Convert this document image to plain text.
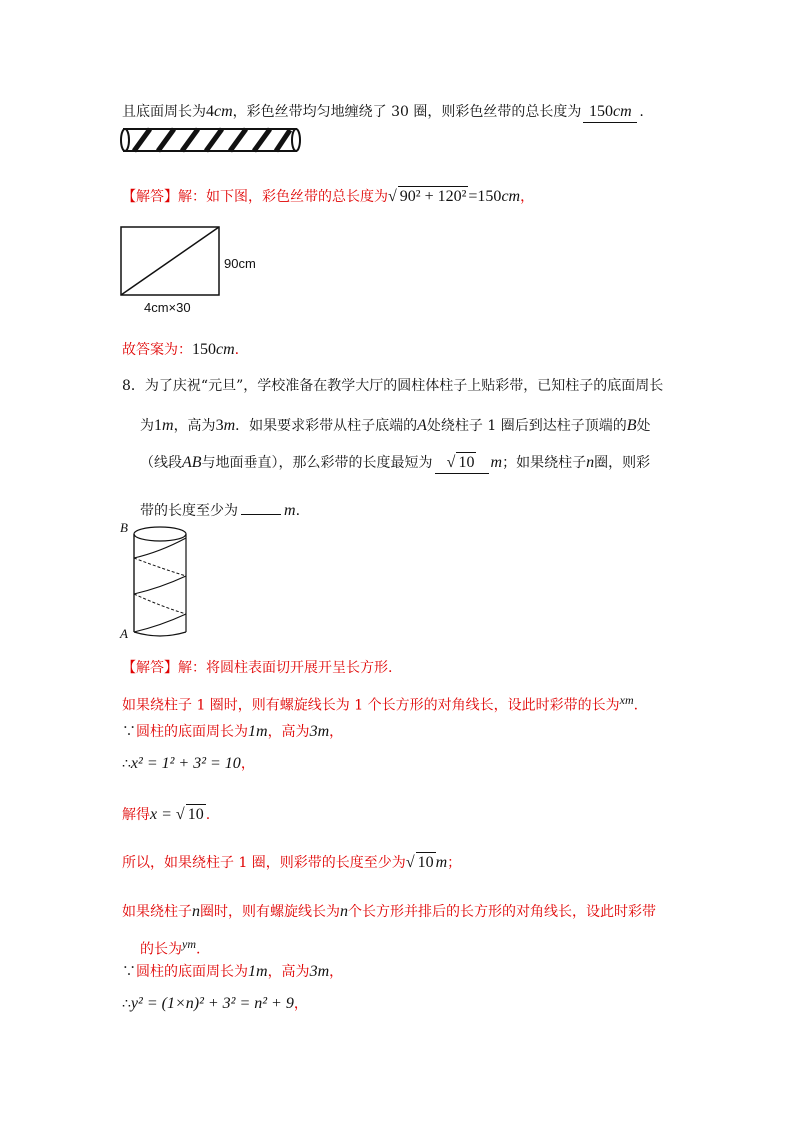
且底面周长为4cm，彩色丝带均匀地缠绕了 30 圈，则彩色丝带的总长度为 150cm .
【解答】解：如下图，彩色丝带的总长度为√ 90² + 120² =150cm，
90cm
4cm×30
故答案为：150cm.
8．为了庆祝“元旦”，学校准备在教学大厅的圆柱体柱子上贴彩带，已知柱子的底面周长
为1m，高为3m．如果要求彩带从柱子底端的A处绕柱子 1 圈后到达柱子顶端的B处
（线段AB与地面垂直），那么彩带的长度最短为 √ 10 m；如果绕柱子n圈，则彩
带的长度至少为	m.
B
A
【解答】解：将圆柱表面切开展开呈长方形.
如果绕柱子 1 圈时，则有螺旋线长为 1 个长方形的对角线长，设此时彩带的长为$^{xm}$.
∵圆柱的底面周长为1m，高为3m，
∴x² = 1² + 3² = 10，
解得x = √ 10 .
所以，如果绕柱子 1 圈，则彩带的长度至少为√ 10 m；
如果绕柱子n圈时，则有螺旋线长为n个长方形并排后的长方形的对角线长，设此时彩带
的长为$^{ym}$.
∵圆柱的底面周长为1m，高为3m，
∴y² = (1×n)² + 3² = n² + 9，
